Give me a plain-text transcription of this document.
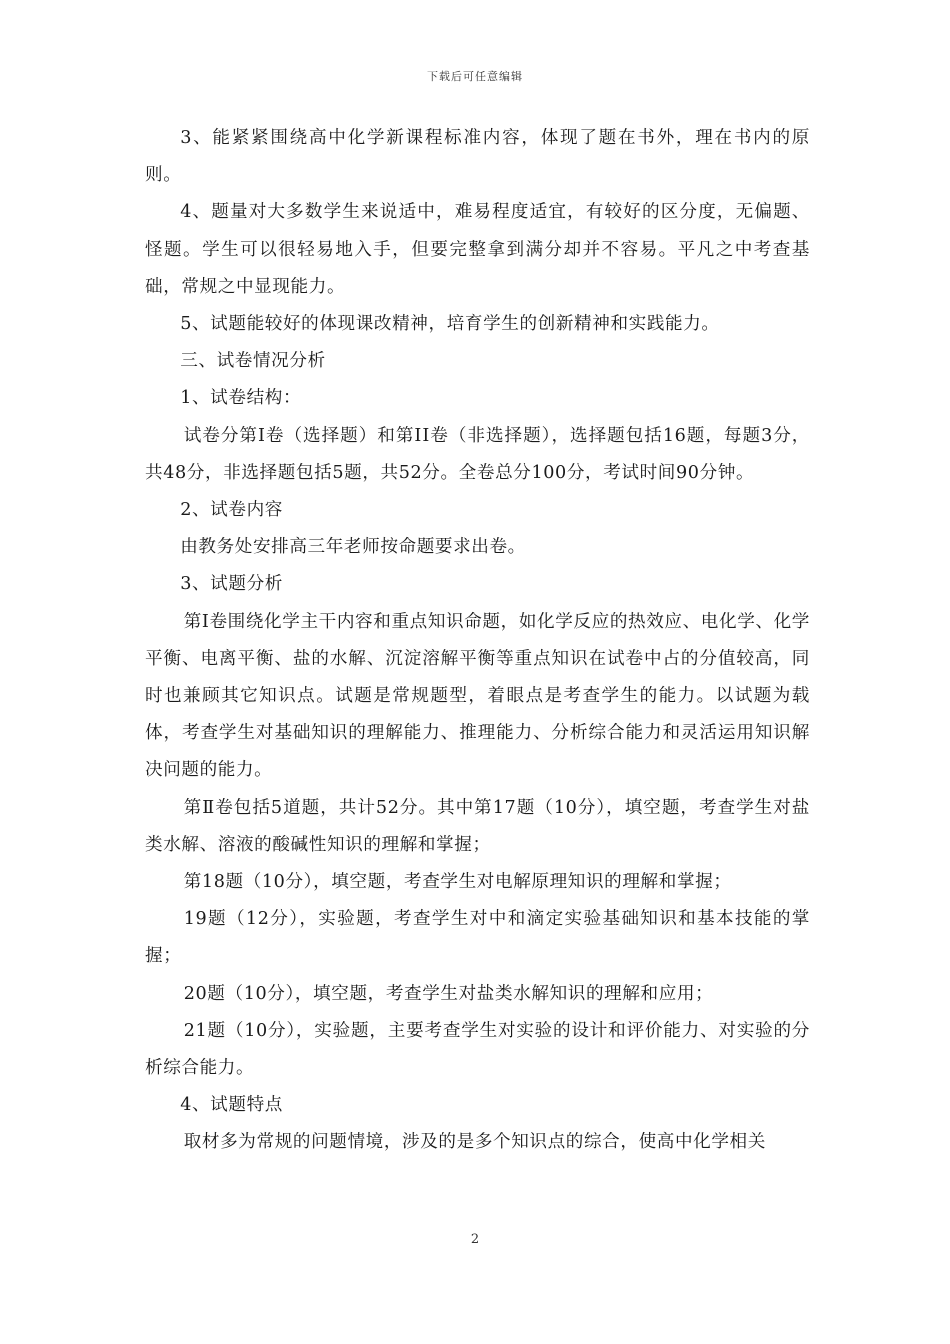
下载后可任意编辑

3、能紧紧围绕高中化学新课程标准内容，体现了题在书外，理在书内的原则。

4、题量对大多数学生来说适中，难易程度适宜，有较好的区分度，无偏题、怪题。学生可以很轻易地入手，但要完整拿到满分却并不容易。平凡之中考查基础，常规之中显现能力。

5、试题能较好的体现课改精神，培育学生的创新精神和实践能力。

三、试卷情况分析

1、试卷结构：

试卷分第Ⅰ卷（选择题）和第ⅠI卷（非选择题），选择题包括16题，每题3分，共48分，非选择题包括5题，共52分。全卷总分100分，考试时间90分钟。

2、试卷内容

由教务处安排高三年老师按命题要求出卷。

3、试题分析

第Ⅰ卷围绕化学主干内容和重点知识命题，如化学反应的热效应、电化学、化学平衡、电离平衡、盐的水解、沉淀溶解平衡等重点知识在试卷中占的分值较高，同时也兼顾其它知识点。试题是常规题型，着眼点是考查学生的能力。以试题为载体，考查学生对基础知识的理解能力、推理能力、分析综合能力和灵活运用知识解决问题的能力。

第Ⅱ卷包括5道题，共计52分。其中第17题（10分），填空题，考查学生对盐类水解、溶液的酸碱性知识的理解和掌握；

第18题（10分），填空题，考查学生对电解原理知识的理解和掌握；

19题（12分），实验题，考查学生对中和滴定实验基础知识和基本技能的掌握；

20题（10分），填空题，考查学生对盐类水解知识的理解和应用；

21题（10分），实验题，主要考查学生对实验的设计和评价能力、对实验的分析综合能力。

4、试题特点

取材多为常规的问题情境，涉及的是多个知识点的综合，使高中化学相关

2
